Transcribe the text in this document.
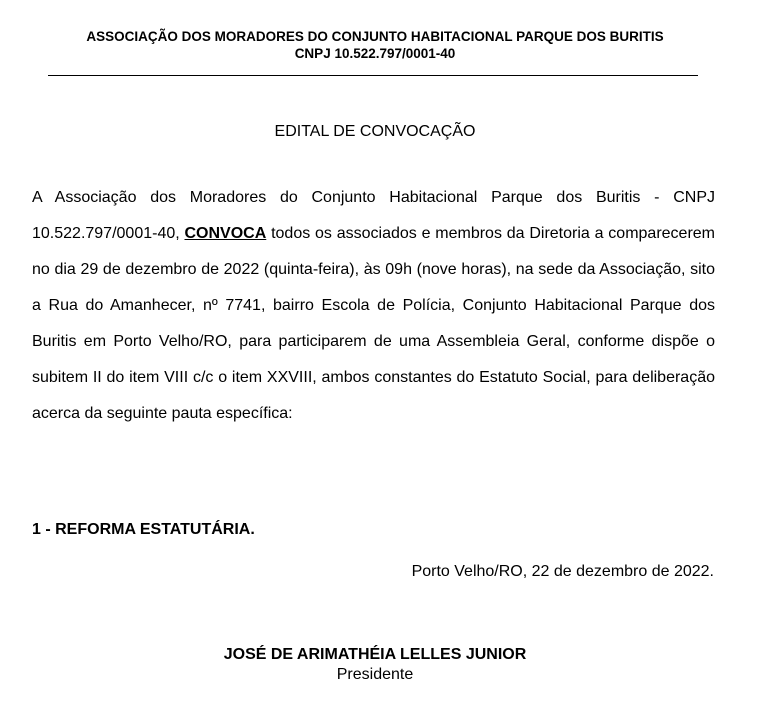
ASSOCIAÇÃO DOS MORADORES DO CONJUNTO HABITACIONAL PARQUE DOS BURITIS
CNPJ 10.522.797/0001-40
EDITAL DE CONVOCAÇÃO
A Associação dos Moradores do Conjunto Habitacional Parque dos Buritis - CNPJ 10.522.797/0001-40, CONVOCA todos os associados e membros da Diretoria a comparecerem no dia 29 de dezembro de 2022 (quinta-feira), às 09h (nove horas), na sede da Associação, sito a Rua do Amanhecer, nº 7741, bairro Escola de Polícia, Conjunto Habitacional Parque dos Buritis em Porto Velho/RO, para participarem de uma Assembleia Geral, conforme dispõe o subitem II do item VIII c/c o item XXVIII, ambos constantes do Estatuto Social, para deliberação acerca da seguinte pauta específica:
1 - REFORMA ESTATUTÁRIA.
Porto Velho/RO, 22 de dezembro de 2022.
JOSÉ DE ARIMATHÉIA LELLES JUNIOR
Presidente
